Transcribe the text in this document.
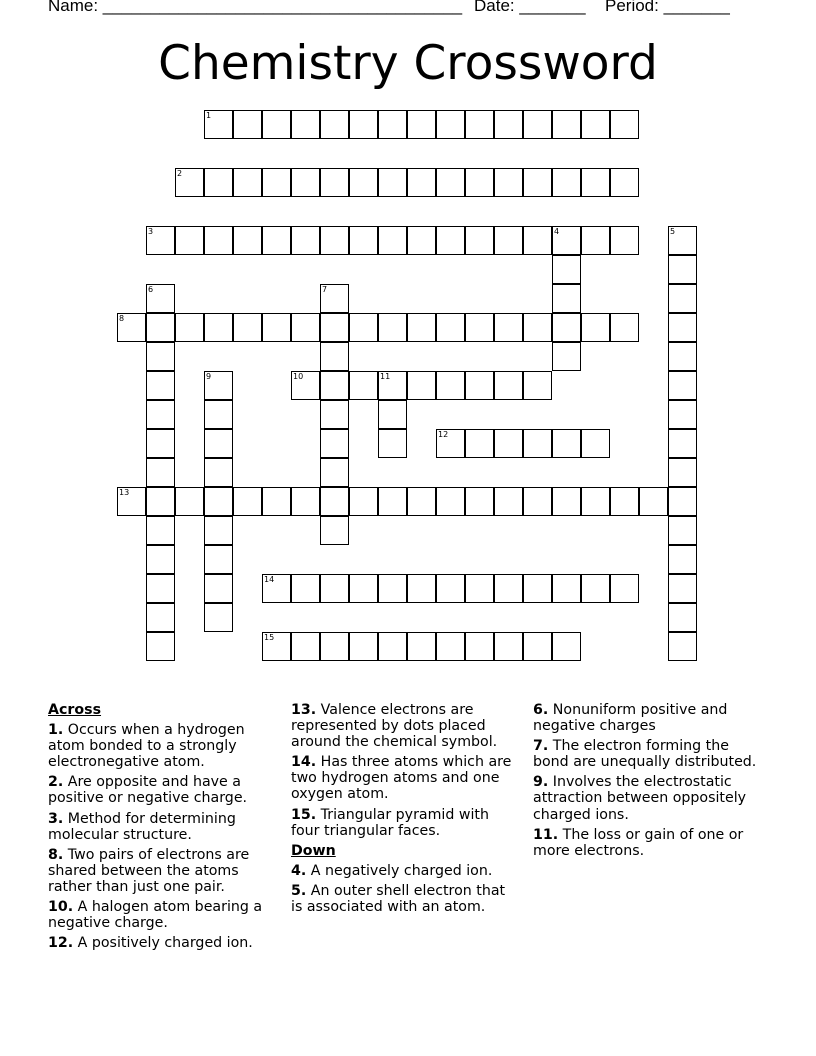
Name: ______________________________________ Date: _______ Period: _______
Chemistry Crossword
1
2
3
8
10
12
13
14
15
4	5
6	7
9	11
Across
1. Occurs when a hydrogen atom bonded to a strongly electronegative atom.
2. Are opposite and have a positive or negative charge.
3. Method for determining molecular structure.
8. Two pairs of electrons are shared between the atoms rather than just one pair.
10. A halogen atom bearing a negative charge.
12. A positively charged ion.
13. Valence electrons are represented by dots placed around the chemical symbol.
14. Has three atoms which are two hydrogen atoms and one oxygen atom.
15. Triangular pyramid with four triangular faces.
Down
4. A negatively charged ion.
5. An outer shell electron that is associated with an atom.
6. Nonuniform positive and negative charges
7. The electron forming the bond are unequally distributed.
9. Involves the electrostatic attraction between oppositely charged ions.
11. The loss or gain of one or more electrons.
